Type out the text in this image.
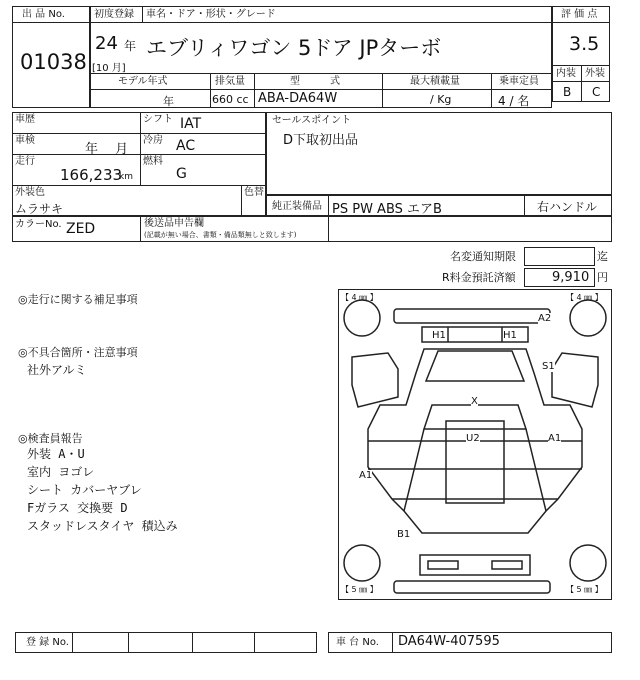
出 品 No.
01038
初度登録 車名・ドア・形状・グレード
24 年
[10 月]
エブリィワゴン 5ドア JPターボ
モデル年式	排気量	型　　　式	最大積載量	乗車定員
年	660 cc ABA-DA64W	/ Kg	4 / 名
評 価 点
3.5
内装 外装
B C
車歴	シフト IAT
車検
年　 月
冷房 AC
走行
166,233
km
燃料
G
外装色
ムラサキ
色替
セールスポイント
D下取初出品
純正装備品 PS PW ABS エアB	右ハンドル
カラーNo. ZED	後送品申告欄
(記載が無い場合、書類・備品類無しと致します)
名変通知期限	迄
R料金預託済額	9,910 円
◎走行に関する補足事項
◎不具合箇所・注意事項
社外アルミ
◎検査員報告
外装 A・U
室内 ヨゴレ
シート カバーヤブレ
Fガラス 交換要 D
スタッドレスタイヤ 積込み
【 4 ㎜ 】	【 4 ㎜ 】
【 5 ㎜ 】	【 5 ㎜ 】
A2
H1	H1
S1
X
U2	A1
A1
B1
登 録 No.	車 台 No. DA64W-407595
